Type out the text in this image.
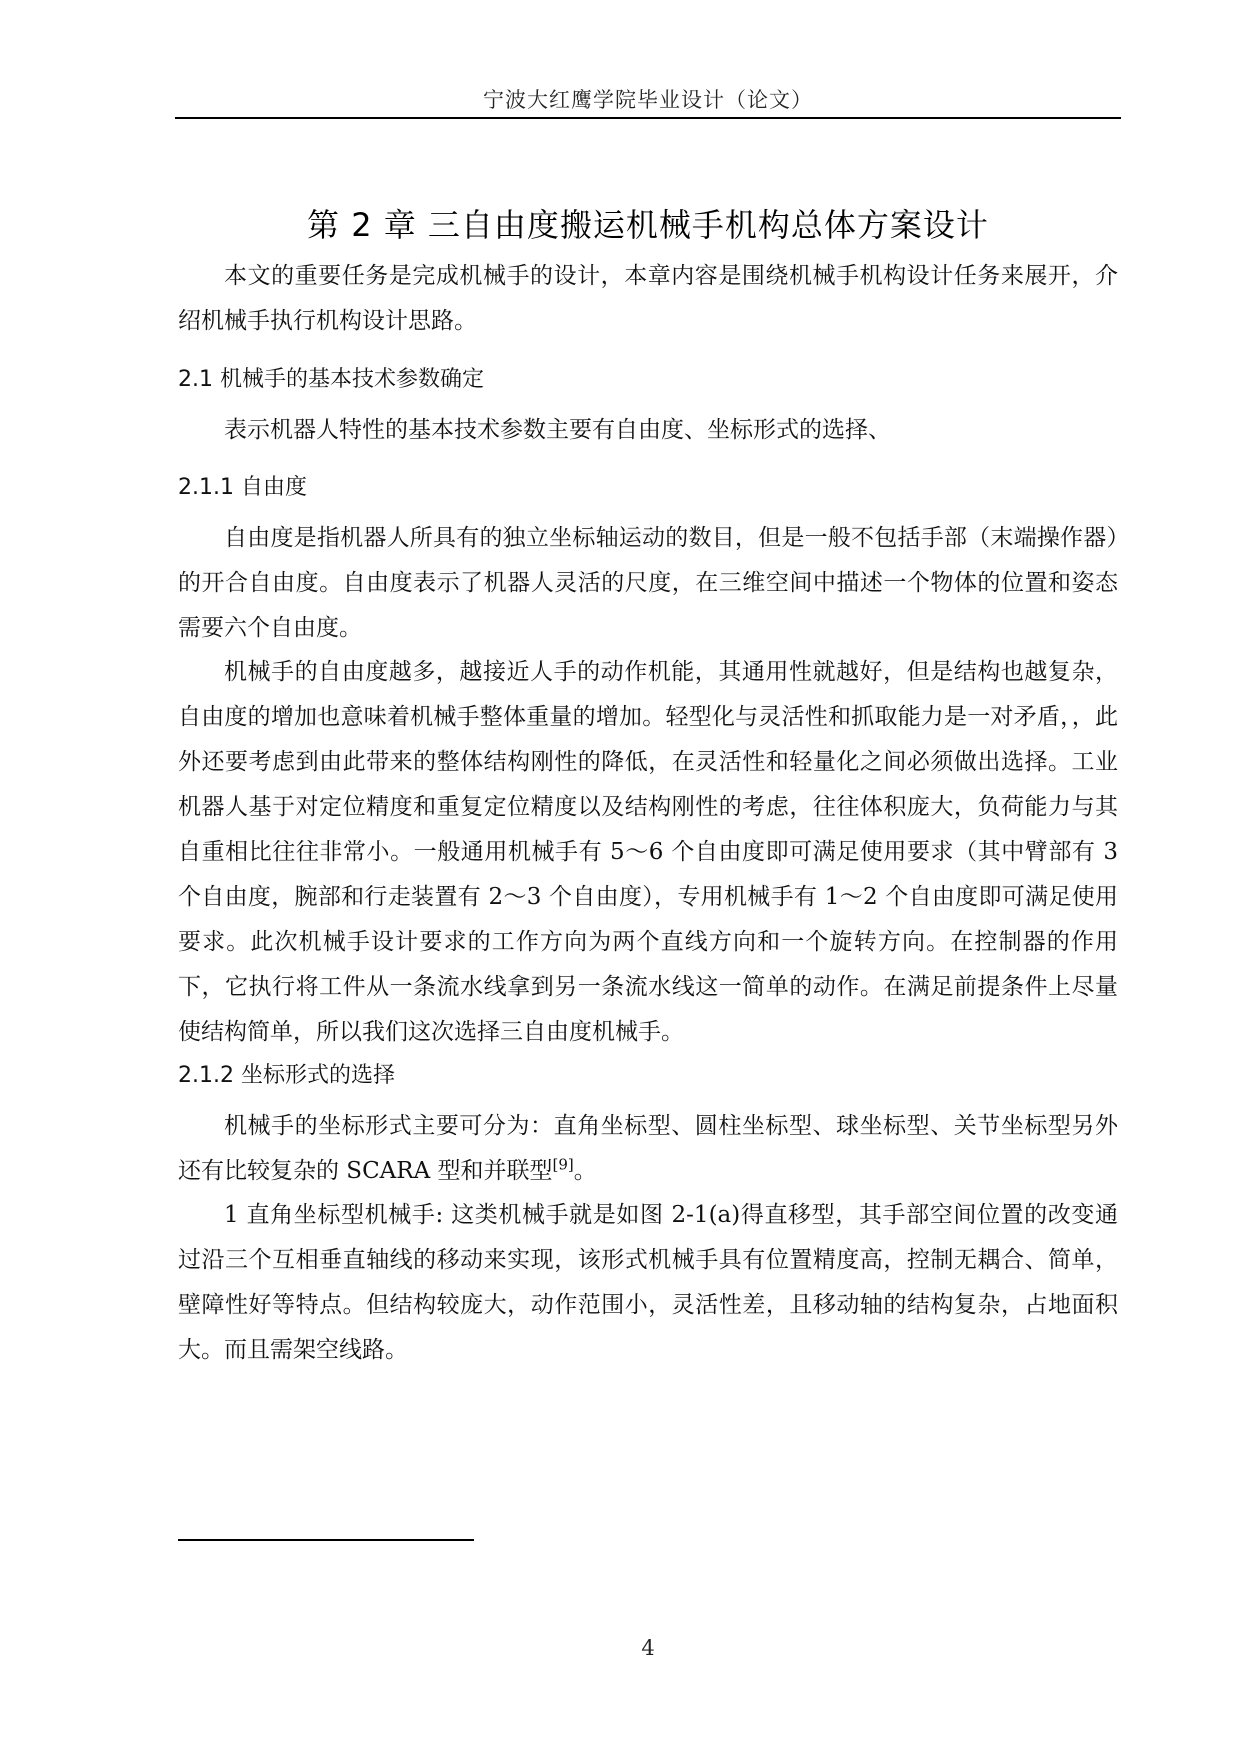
宁波大红鹰学院毕业设计（论文）
第 2 章 三自由度搬运机械手机构总体方案设计

本文的重要任务是完成机械手的设计，本章内容是围绕机械手机构设计任务来展开，介绍机械手执行机构设计思路。

2.1 机械手的基本技术参数确定

表示机器人特性的基本技术参数主要有自由度、坐标形式的选择、

2.1.1 自由度

自由度是指机器人所具有的独立坐标轴运动的数目，但是一般不包括手部（末端操作器）的开合自由度。自由度表示了机器人灵活的尺度，在三维空间中描述一个物体的位置和姿态需要六个自由度。

机械手的自由度越多，越接近人手的动作机能，其通用性就越好，但是结构也越复杂，自由度的增加也意味着机械手整体重量的增加。轻型化与灵活性和抓取能力是一对矛盾，，此外还要考虑到由此带来的整体结构刚性的降低，在灵活性和轻量化之间必须做出选择。工业机器人基于对定位精度和重复定位精度以及结构刚性的考虑，往往体积庞大，负荷能力与其自重相比往往非常小。一般通用机械手有 5～6 个自由度即可满足使用要求（其中臂部有 3 个自由度，腕部和行走装置有 2～3 个自由度），专用机械手有 1～2 个自由度即可满足使用要求。此次机械手设计要求的工作方向为两个直线方向和一个旋转方向。在控制器的作用下，它执行将工件从一条流水线拿到另一条流水线这一简单的动作。在满足前提条件上尽量使结构简单，所以我们这次选择三自由度机械手。

2.1.2 坐标形式的选择

机械手的坐标形式主要可分为：直角坐标型、圆柱坐标型、球坐标型、关节坐标型另外还有比较复杂的 SCARA 型和并联型[9]。

1 直角坐标型机械手: 这类机械手就是如图 2-1(a)得直移型，其手部空间位置的改变通过沿三个互相垂直轴线的移动来实现，该形式机械手具有位置精度高，控制无耦合、简单，壁障性好等特点。但结构较庞大，动作范围小，灵活性差，且移动轴的结构复杂，占地面积大。而且需架空线路。

4
